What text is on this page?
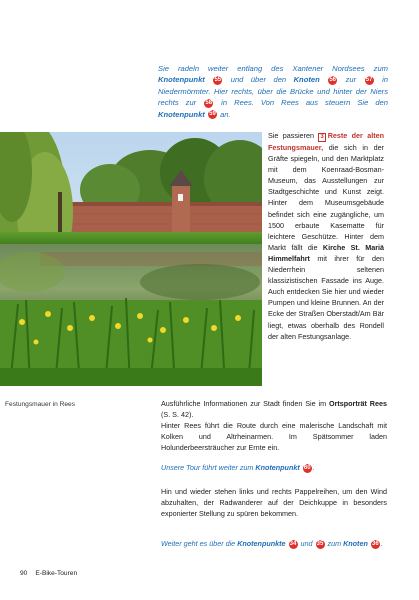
Sie radeln weiter entlang des Xantener Nordsees zum Knotenpunkt 55 und über den Knoten 56 zur 57 in Niedermörmter. Hier rechts, über die Brücke und hinter der Niers rechts zur 58 in Rees. Von Rees aus steuern Sie den Knotenpunkt 59 an.
Festungsmauer in Rees
Sie passieren 3 Reste der alten Festungsmauer, die sich in der Gräfte spiegeln, und den Marktplatz mit dem Koenraad-Bosman-Museum, das Ausstellungen zur Stadtgeschichte und Kunst zeigt. Hinter dem Museumsgebäude befindet sich eine zugängliche, um 1500 erbaute Kasematte für leichtere Geschütze. Hinter dem Markt fällt die Kirche St. Mariä Himmelfahrt mit ihrer für den Niederrhein seltenen klassizistischen Fassade ins Auge. Auch entdecken Sie hier und wieder Pumpen und kleine Brunnen. An der Ecke der Straßen Oberstadt/Am Bär liegt, etwas oberhalb des Rondell der alten Festungsanlage.
Ausführliche Informationen zur Stadt finden Sie im Ortsporträt Rees (S. S. 42).
Hinter Rees führt die Route durch eine malerische Landschaft mit Kolken und Altrheinarmen. Im Spätsommer laden Holunderbeersträucher zur Ernte ein.
Unsere Tour führt weiter zum Knotenpunkt 60 .
Hin und wieder stehen links und rechts Pappelreihen, um den Wind abzuhalten, der Radwanderer auf der Deichkuppe in besonders exponierter Stellung zu spüren bekommen.
Weiter geht es über die Knotenpunkte 34 und 35 zum Knoten 36 .
90 E-Bike-Touren
